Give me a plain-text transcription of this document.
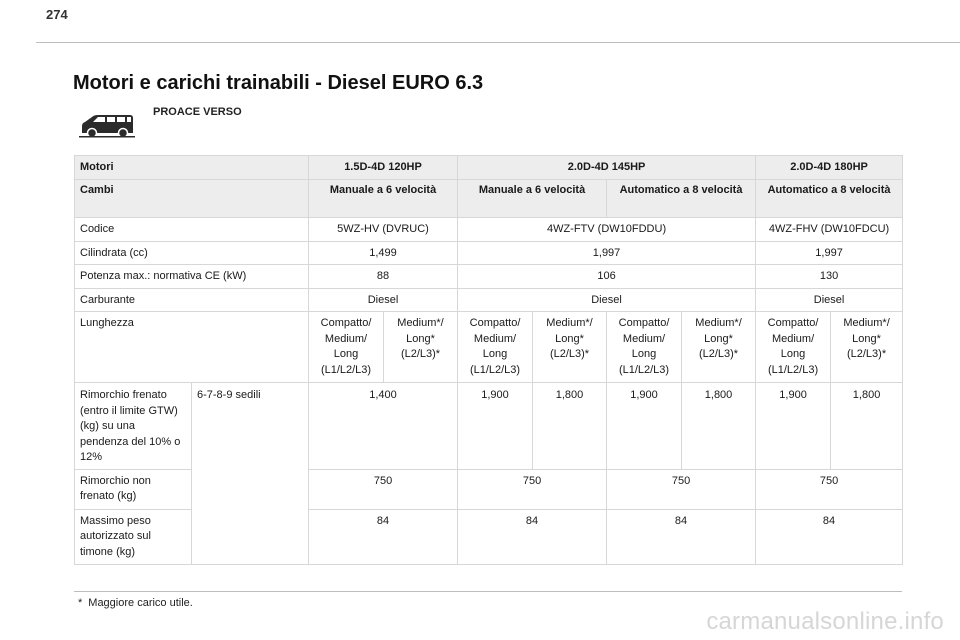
274
Motori e carichi trainabili - Diesel EURO 6.3
PROACE VERSO
Motori		1.5D-4D 120HP		2.0D-4D 145HP				2.0D-4D 180HP	
Cambi		Manuale a 6 velocità		Manuale a 6 velocità		Automatico a 8 velocità		Automatico a 8 velocità	
Codice		5WZ-HV (DVRUC)		4WZ-FTV (DW10FDDU)				4WZ-FHV (DW10FDCU)	
Cilindrata (cc)		1,499		1,997				1,997	
Potenza max.: normativa CE (kW)		88		106				130	
Carburante		Diesel		Diesel				Diesel	
Lunghezza		Compatto/ Medium/ Long (L1/L2/L3)	Medium*/ Long* (L2/L3)*	Compatto/ Medium/ Long (L1/L2/L3)	Medium*/ Long* (L2/L3)*	Compatto/ Medium/ Long (L1/L2/L3)	Medium*/ Long* (L2/L3)*	Compatto/ Medium/ Long (L1/L2/L3)	Medium*/ Long* (L2/L3)*
Rimorchio frenato (entro il limite GTW) (kg) su una pendenza del 10% o 12%	6-7-8-9 sedili	1,400		1,900	1,800	1,900	1,800	1,900	1,800
Rimorchio non frenato (kg)		750		750		750		750	
Massimo peso autorizzato sul timone (kg)		84		84		84		84	
* Maggiore carico utile.
carmanualsonline.info
